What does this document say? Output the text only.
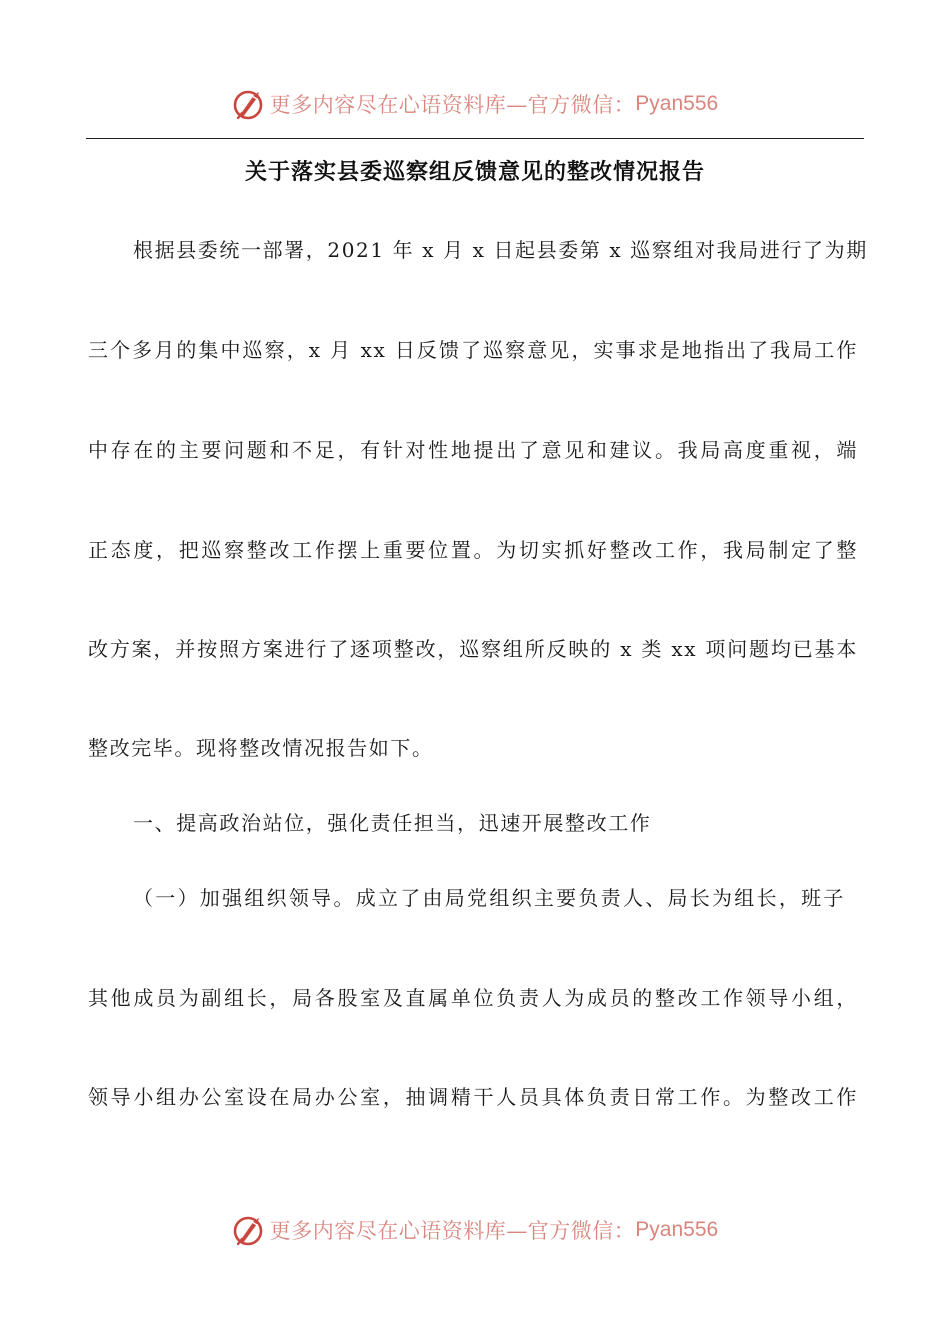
更多内容尽在心语资料库—官方微信： Pyan556
关于落实县委巡察组反馈意见的整改情况报告

根据县委统一部署，2021 年 x 月 x 日起县委第 x 巡察组对我局进行了为期

三个多月的集中巡察，x 月 xx 日反馈了巡察意见，实事求是地指出了我局工作

中存在的主要问题和不足，有针对性地提出了意见和建议。我局高度重视，端

正态度，把巡察整改工作摆上重要位置。为切实抓好整改工作，我局制定了整

改方案，并按照方案进行了逐项整改，巡察组所反映的 x 类 xx 项问题均已基本

整改完毕。现将整改情况报告如下。

一、提高政治站位，强化责任担当，迅速开展整改工作

（一）加强组织领导。成立了由局党组织主要负责人、局长为组长，班子

其他成员为副组长，局各股室及直属单位负责人为成员的整改工作领导小组，

领导小组办公室设在局办公室，抽调精干人员具体负责日常工作。为整改工作

更多内容尽在心语资料库—官方微信： Pyan556
